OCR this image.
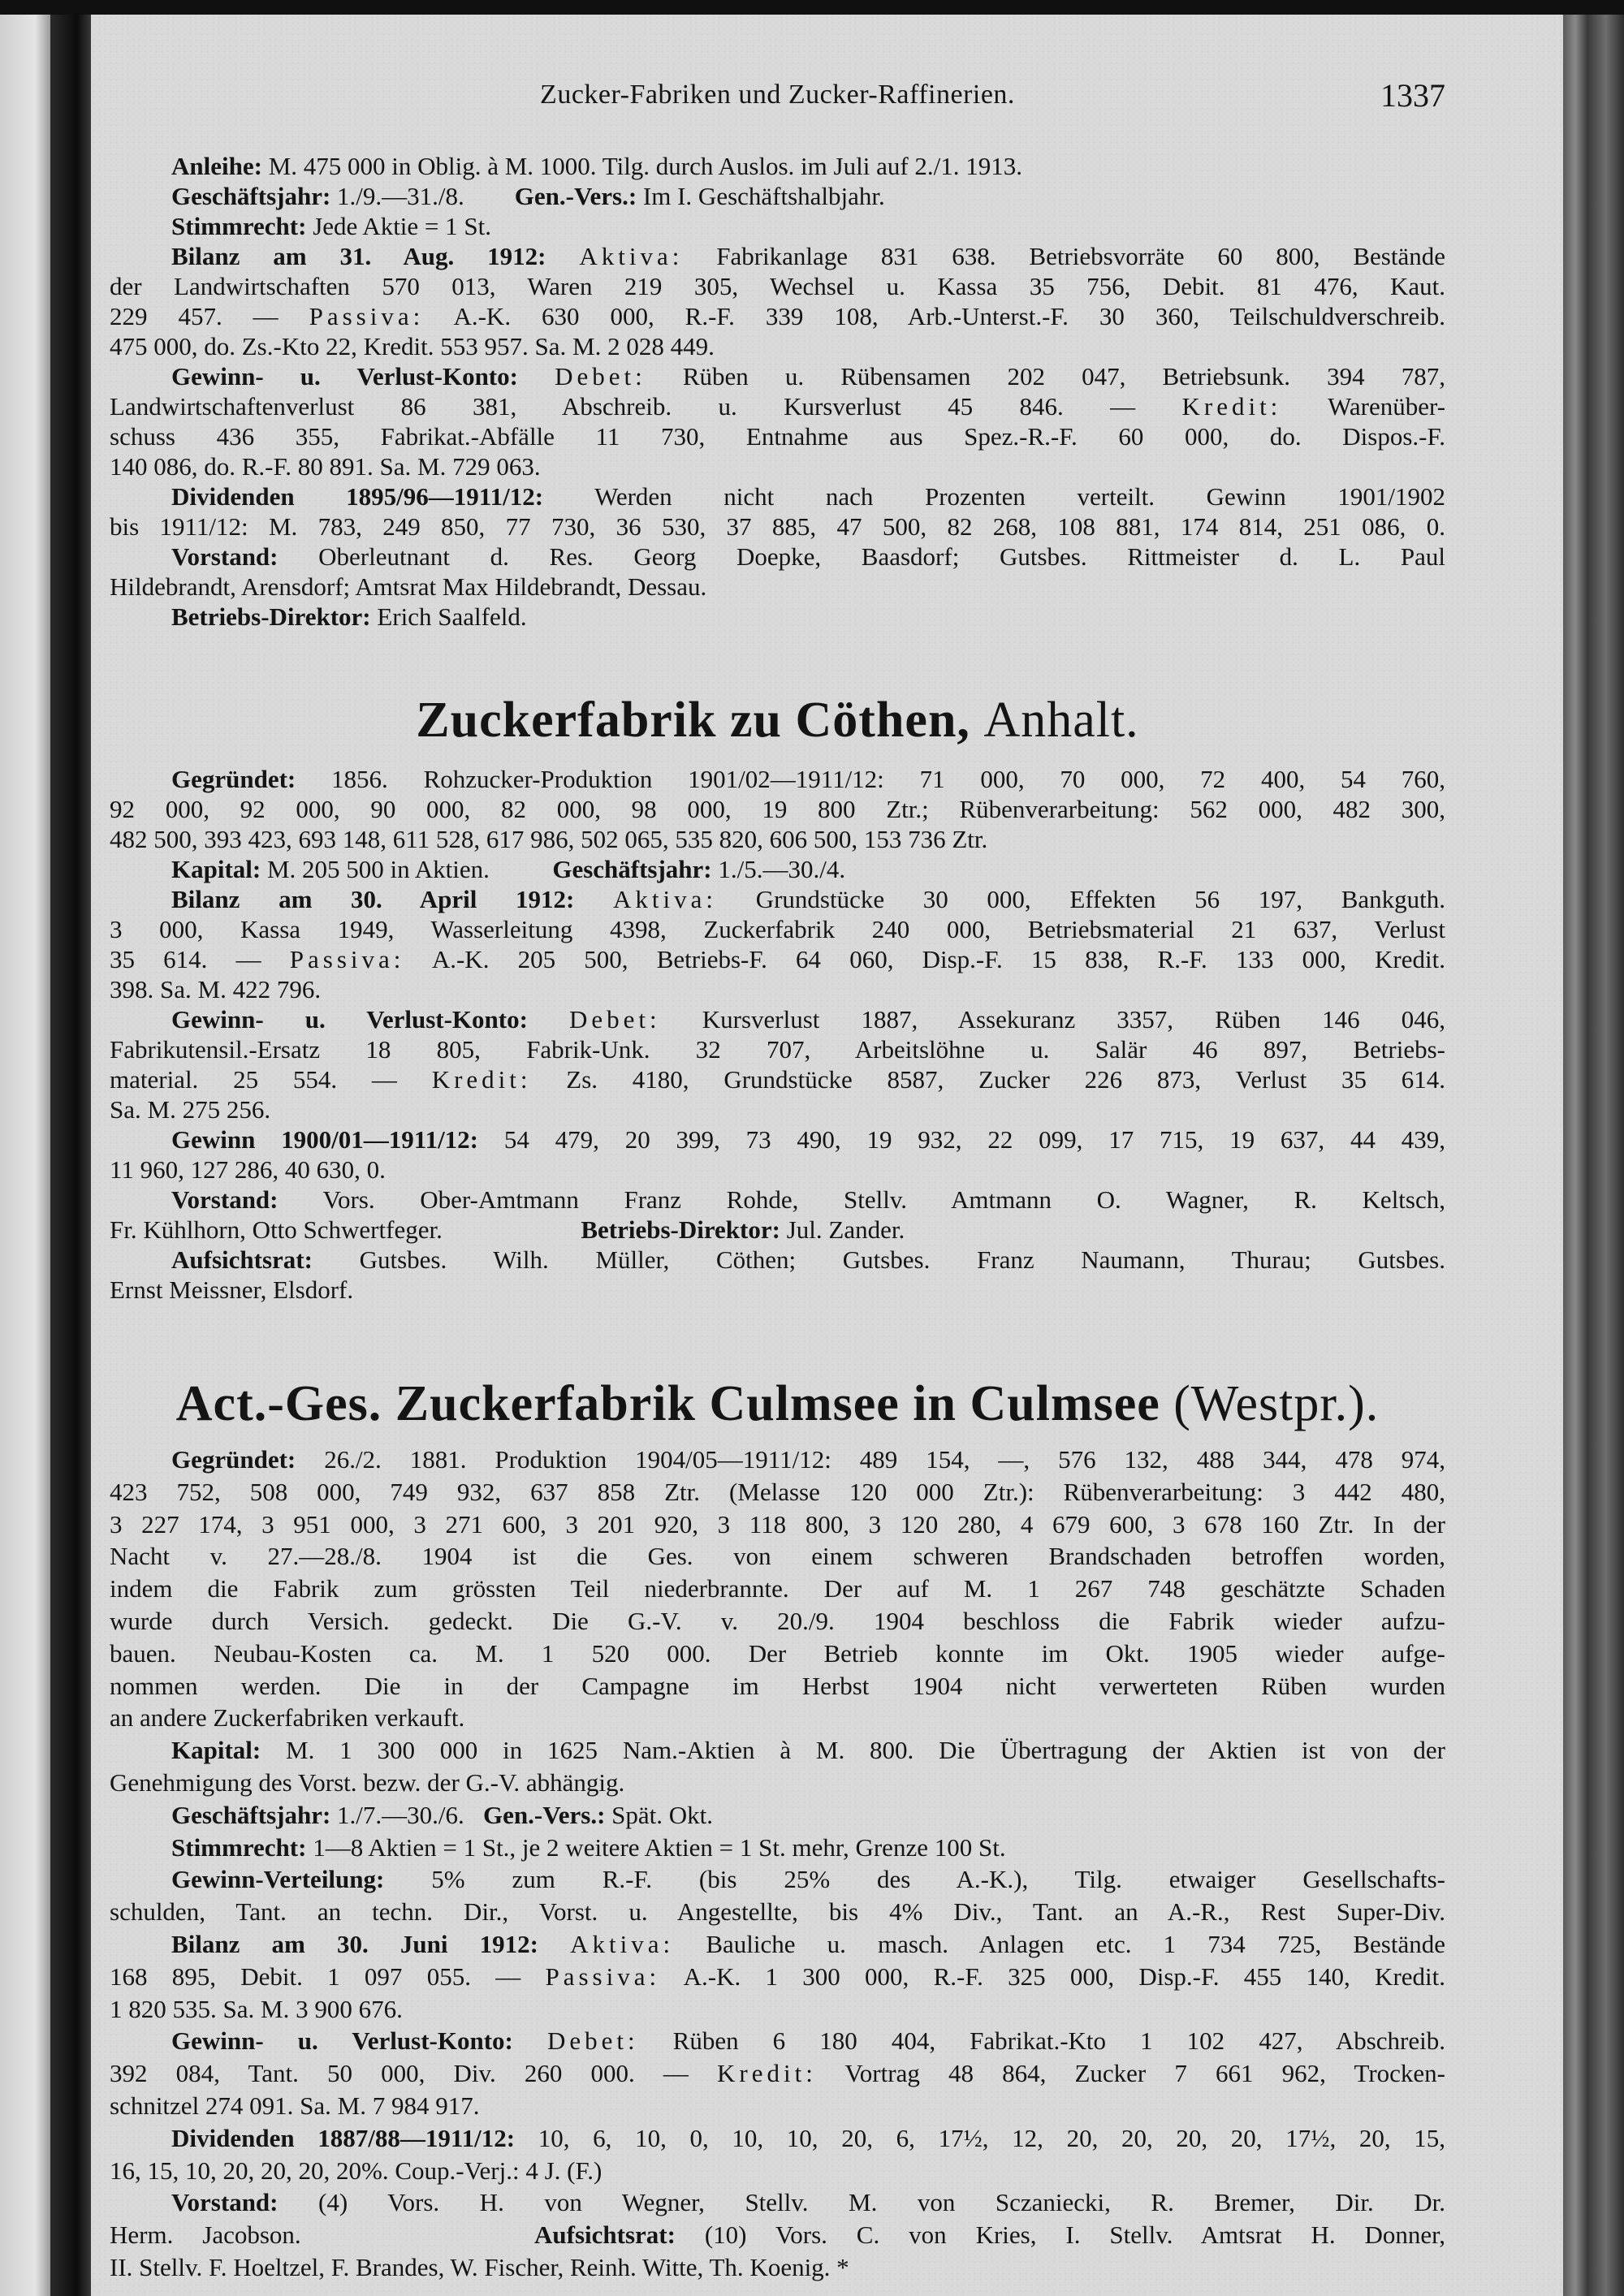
Zucker-Fabriken und Zucker-Raffinerien.	1337
Anleihe: M. 475 000 in Oblig. à M. 1000. Tilg. durch Auslos. im Juli auf 2./1. 1913.
Geschäftsjahr: 1./9.—31./8.        Gen.-Vers.: Im I. Geschäftshalbjahr.
Stimmrecht: Jede Aktie = 1 St.
Bilanz am 31. Aug. 1912: Aktiva: Fabrikanlage 831 638. Betriebsvorräte 60 800, Bestände
der Landwirtschaften 570 013, Waren 219 305, Wechsel u. Kassa 35 756, Debit. 81 476, Kaut.
229 457. — Passiva: A.-K. 630 000, R.-F. 339 108, Arb.-Unterst.-F. 30 360, Teilschuldverschreib.
475 000, do. Zs.-Kto 22, Kredit. 553 957. Sa. M. 2 028 449.
Gewinn- u. Verlust-Konto: Debet: Rüben u. Rübensamen 202 047, Betriebsunk. 394 787,
Landwirtschaftenverlust 86 381, Abschreib. u. Kursverlust 45 846. — Kredit: Warenüber-
schuss 436 355, Fabrikat.-Abfälle 11 730, Entnahme aus Spez.-R.-F. 60 000, do. Dispos.-F.
140 086, do. R.-F. 80 891. Sa. M. 729 063.
Dividenden 1895/96—1911/12: Werden nicht nach Prozenten verteilt. Gewinn 1901/1902
bis 1911/12: M. 783, 249 850, 77 730, 36 530, 37 885, 47 500, 82 268, 108 881, 174 814, 251 086, 0.
Vorstand: Oberleutnant d. Res. Georg Doepke, Baasdorf; Gutsbes. Rittmeister d. L. Paul
Hildebrandt, Arensdorf; Amtsrat Max Hildebrandt, Dessau.
Betriebs-Direktor: Erich Saalfeld.
Zuckerfabrik zu Cöthen, Anhalt.
Gegründet: 1856. Rohzucker-Produktion 1901/02—1911/12: 71 000, 70 000, 72 400, 54 760,
92 000, 92 000, 90 000, 82 000, 98 000, 19 800 Ztr.; Rübenverarbeitung: 562 000, 482 300,
482 500, 393 423, 693 148, 611 528, 617 986, 502 065, 535 820, 606 500, 153 736 Ztr.
Kapital: M. 205 500 in Aktien.          Geschäftsjahr: 1./5.—30./4.
Bilanz am 30. April 1912: Aktiva: Grundstücke 30 000, Effekten 56 197, Bankguth.
3 000, Kassa 1949, Wasserleitung 4398, Zuckerfabrik 240 000, Betriebsmaterial 21 637, Verlust
35 614. — Passiva: A.-K. 205 500, Betriebs-F. 64 060, Disp.-F. 15 838, R.-F. 133 000, Kredit.
398. Sa. M. 422 796.
Gewinn- u. Verlust-Konto: Debet: Kursverlust 1887, Assekuranz 3357, Rüben 146 046,
Fabrikutensil.-Ersatz 18 805, Fabrik-Unk. 32 707, Arbeitslöhne u. Salär 46 897, Betriebs-
material. 25 554. — Kredit: Zs. 4180, Grundstücke 8587, Zucker 226 873, Verlust 35 614.
Sa. M. 275 256.
Gewinn 1900/01—1911/12: 54 479, 20 399, 73 490, 19 932, 22 099, 17 715, 19 637, 44 439,
11 960, 127 286, 40 630, 0.
Vorstand: Vors. Ober-Amtmann Franz Rohde, Stellv. Amtmann O. Wagner, R. Keltsch,
Fr. Kühlhorn, Otto Schwertfeger.                      Betriebs-Direktor: Jul. Zander.
Aufsichtsrat: Gutsbes. Wilh. Müller, Cöthen; Gutsbes. Franz Naumann, Thurau; Gutsbes.
Ernst Meissner, Elsdorf.
Act.-Ges. Zuckerfabrik Culmsee in Culmsee (Westpr.).
Gegründet: 26./2. 1881. Produktion 1904/05—1911/12: 489 154, —, 576 132, 488 344, 478 974,
423 752, 508 000, 749 932, 637 858 Ztr. (Melasse 120 000 Ztr.): Rübenverarbeitung: 3 442 480,
3 227 174, 3 951 000, 3 271 600, 3 201 920, 3 118 800, 3 120 280, 4 679 600, 3 678 160 Ztr. In der
Nacht v. 27.—28./8. 1904 ist die Ges. von einem schweren Brandschaden betroffen worden,
indem die Fabrik zum grössten Teil niederbrannte. Der auf M. 1 267 748 geschätzte Schaden
wurde durch Versich. gedeckt. Die G.-V. v. 20./9. 1904 beschloss die Fabrik wieder aufzu-
bauen. Neubau-Kosten ca. M. 1 520 000. Der Betrieb konnte im Okt. 1905 wieder aufge-
nommen werden. Die in der Campagne im Herbst 1904 nicht verwerteten Rüben wurden
an andere Zuckerfabriken verkauft.
Kapital: M. 1 300 000 in 1625 Nam.-Aktien à M. 800. Die Übertragung der Aktien ist von der
Genehmigung des Vorst. bezw. der G.-V. abhängig.
Geschäftsjahr: 1./7.—30./6.   Gen.-Vers.: Spät. Okt.
Stimmrecht: 1—8 Aktien = 1 St., je 2 weitere Aktien = 1 St. mehr, Grenze 100 St.
Gewinn-Verteilung: 5% zum R.-F. (bis 25% des A.-K.), Tilg. etwaiger Gesellschafts-
schulden, Tant. an techn. Dir., Vorst. u. Angestellte, bis 4% Div., Tant. an A.-R., Rest Super-Div.
Bilanz am 30. Juni 1912: Aktiva: Bauliche u. masch. Anlagen etc. 1 734 725, Bestände
168 895, Debit. 1 097 055. — Passiva: A.-K. 1 300 000, R.-F. 325 000, Disp.-F. 455 140, Kredit.
1 820 535. Sa. M. 3 900 676.
Gewinn- u. Verlust-Konto: Debet: Rüben 6 180 404, Fabrikat.-Kto 1 102 427, Abschreib.
392 084, Tant. 50 000, Div. 260 000. — Kredit: Vortrag 48 864, Zucker 7 661 962, Trocken-
schnitzel 274 091. Sa. M. 7 984 917.
Dividenden 1887/88—1911/12: 10, 6, 10, 0, 10, 10, 20, 6, 17½, 12, 20, 20, 20, 20, 17½, 20, 15,
16, 15, 10, 20, 20, 20, 20%. Coup.-Verj.: 4 J. (F.)
Vorstand: (4) Vors. H. von Wegner, Stellv. M. von Sczaniecki, R. Bremer, Dir. Dr.
Herm. Jacobson.        Aufsichtsrat: (10) Vors. C. von Kries, I. Stellv. Amtsrat H. Donner,
II. Stellv. F. Hoeltzel, F. Brandes, W. Fischer, Reinh. Witte, Th. Koenig. *
